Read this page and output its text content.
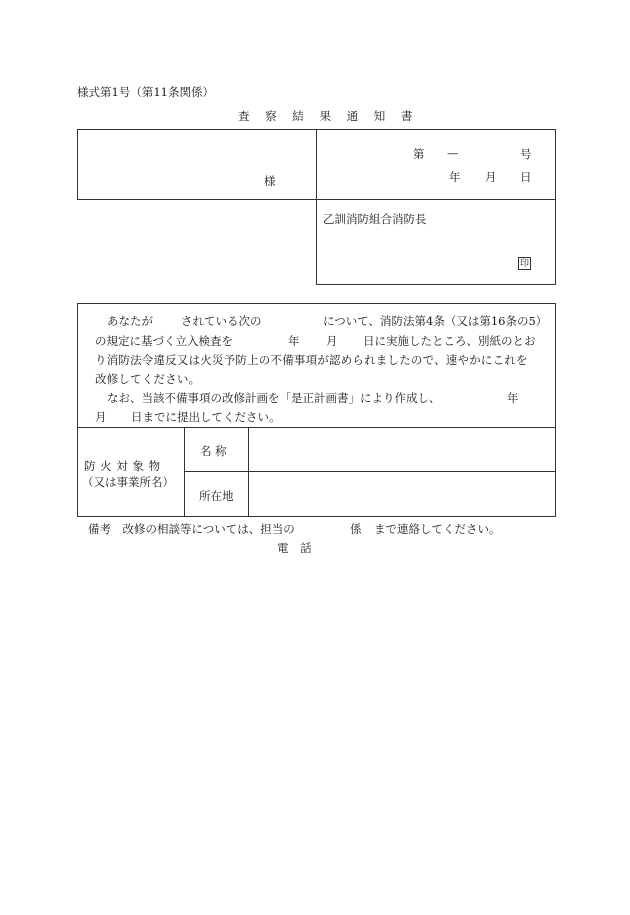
様式第1号（第11条関係）
査 察 結 果 通 知 書
様
第 —	号
年 月 日
乙訓消防組合消防長
印
あなたが されている次の	について、消防法第4条（又は第16条の5）
の規定に基づく立入検査を	年 月 日に実施したところ、別紙のとお
り消防法令違反又は火災予防上の不備事項が認められましたので、速やかにこれを
改修してください。
なお、当該不備事項の改修計画を「是正計画書」により作成し、	年
月 日までに提出してください。
防 火 対 象 物
（又は事業所名）
名 称
所在地
備考　改修の相談等については、担当の	係 まで連絡してください。
電 話
